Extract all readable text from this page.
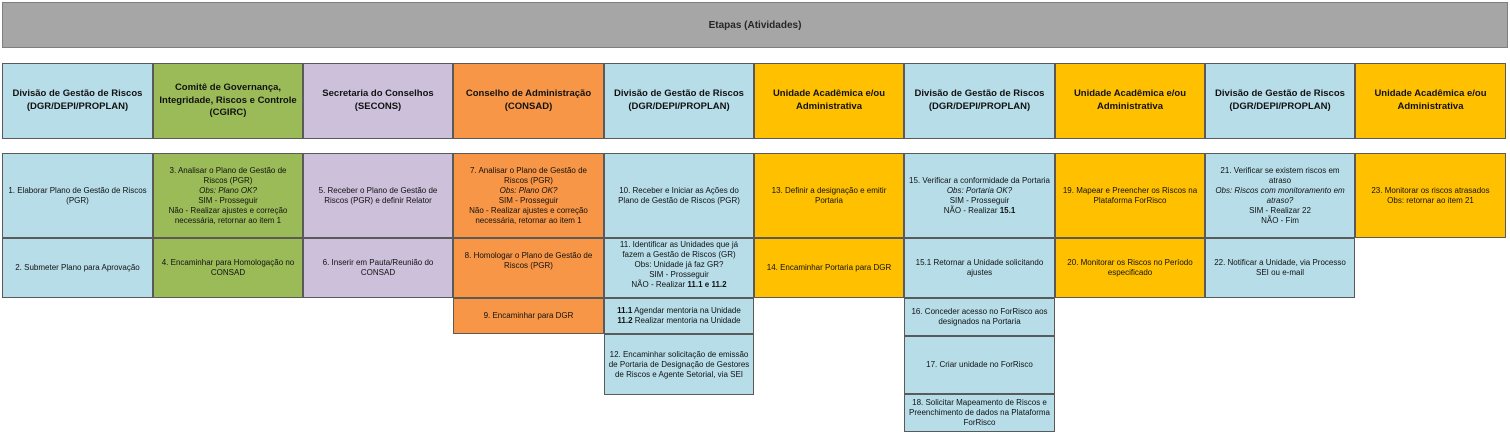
Etapas (Atividades)
Divisão de Gestão de Riscos (DGR/DEPI/PROPLAN)
Comitê de Governança, Integridade, Riscos e Controle (CGIRC)
Secretaria do Conselhos (SECONS)
Conselho de Administração (CONSAD)
Divisão de Gestão de Riscos (DGR/DEPI/PROPLAN)
Unidade Acadêmica e/ou Administrativa
Divisão de Gestão de Riscos (DGR/DEPI/PROPLAN)
Unidade Acadêmica e/ou Administrativa
Divisão de Gestão de Riscos (DGR/DEPI/PROPLAN)
Unidade Acadêmica e/ou Administrativa
1. Elaborar Plano de Gestão de Riscos (PGR)
2. Submeter Plano para Aprovação
3. Analisar o Plano de Gestão de Riscos (PGR)
Obs: Plano OK?
SIM - Prosseguir
Não - Realizar ajustes e correção necessária, retornar ao item 1
4. Encaminhar para Homologação no CONSAD
5. Receber o Plano de Gestão de Riscos (PGR) e definir Relator
6. Inserir em Pauta/Reunião do CONSAD
7. Analisar o Plano de Gestão de Riscos (PGR)
Obs: Plano OK?
SIM - Prosseguir
Não - Realizar ajustes e correção necessária, retornar ao item 1
8. Homologar o Plano de Gestão de Riscos (PGR)
9. Encaminhar para DGR
10. Receber e Iniciar as Ações do Plano de Gestão de Riscos (PGR)
11. Identificar as Unidades que já fazem a Gestão de Riscos (GR)
Obs: Unidade já faz GR?
SIM - Prosseguir
NÃO - Realizar 11.1 e 11.2
11.1 Agendar mentoria na Unidade
11.2 Realizar mentoria na Unidade
12. Encaminhar solicitação de emissão de Portaria de Designação de Gestores de Riscos e Agente Setorial, via SEI
13. Definir a designação e emitir Portaria
14. Encaminhar Portaria para DGR
15. Verificar a conformidade da Portaria
Obs: Portaria OK?
SIM - Prosseguir
NÃO - Realizar 15.1
15.1 Retornar a Unidade solicitando ajustes
16. Conceder acesso no ForRisco aos designados na Portaria
17. Criar unidade no ForRisco
18. Solicitar Mapeamento de Riscos e Preenchimento de dados na Plataforma ForRisco
19. Mapear e Preencher os Riscos na Plataforma ForRisco
20. Monitorar os Riscos no Período especificado
21. Verificar se existem riscos em atraso
Obs: Riscos com monitoramento em atraso?
SIM - Realizar 22
NÃO - Fim
22. Notificar a Unidade, via Processo SEI ou e-mail
23. Monitorar os riscos atrasados
Obs: retornar ao item 21
